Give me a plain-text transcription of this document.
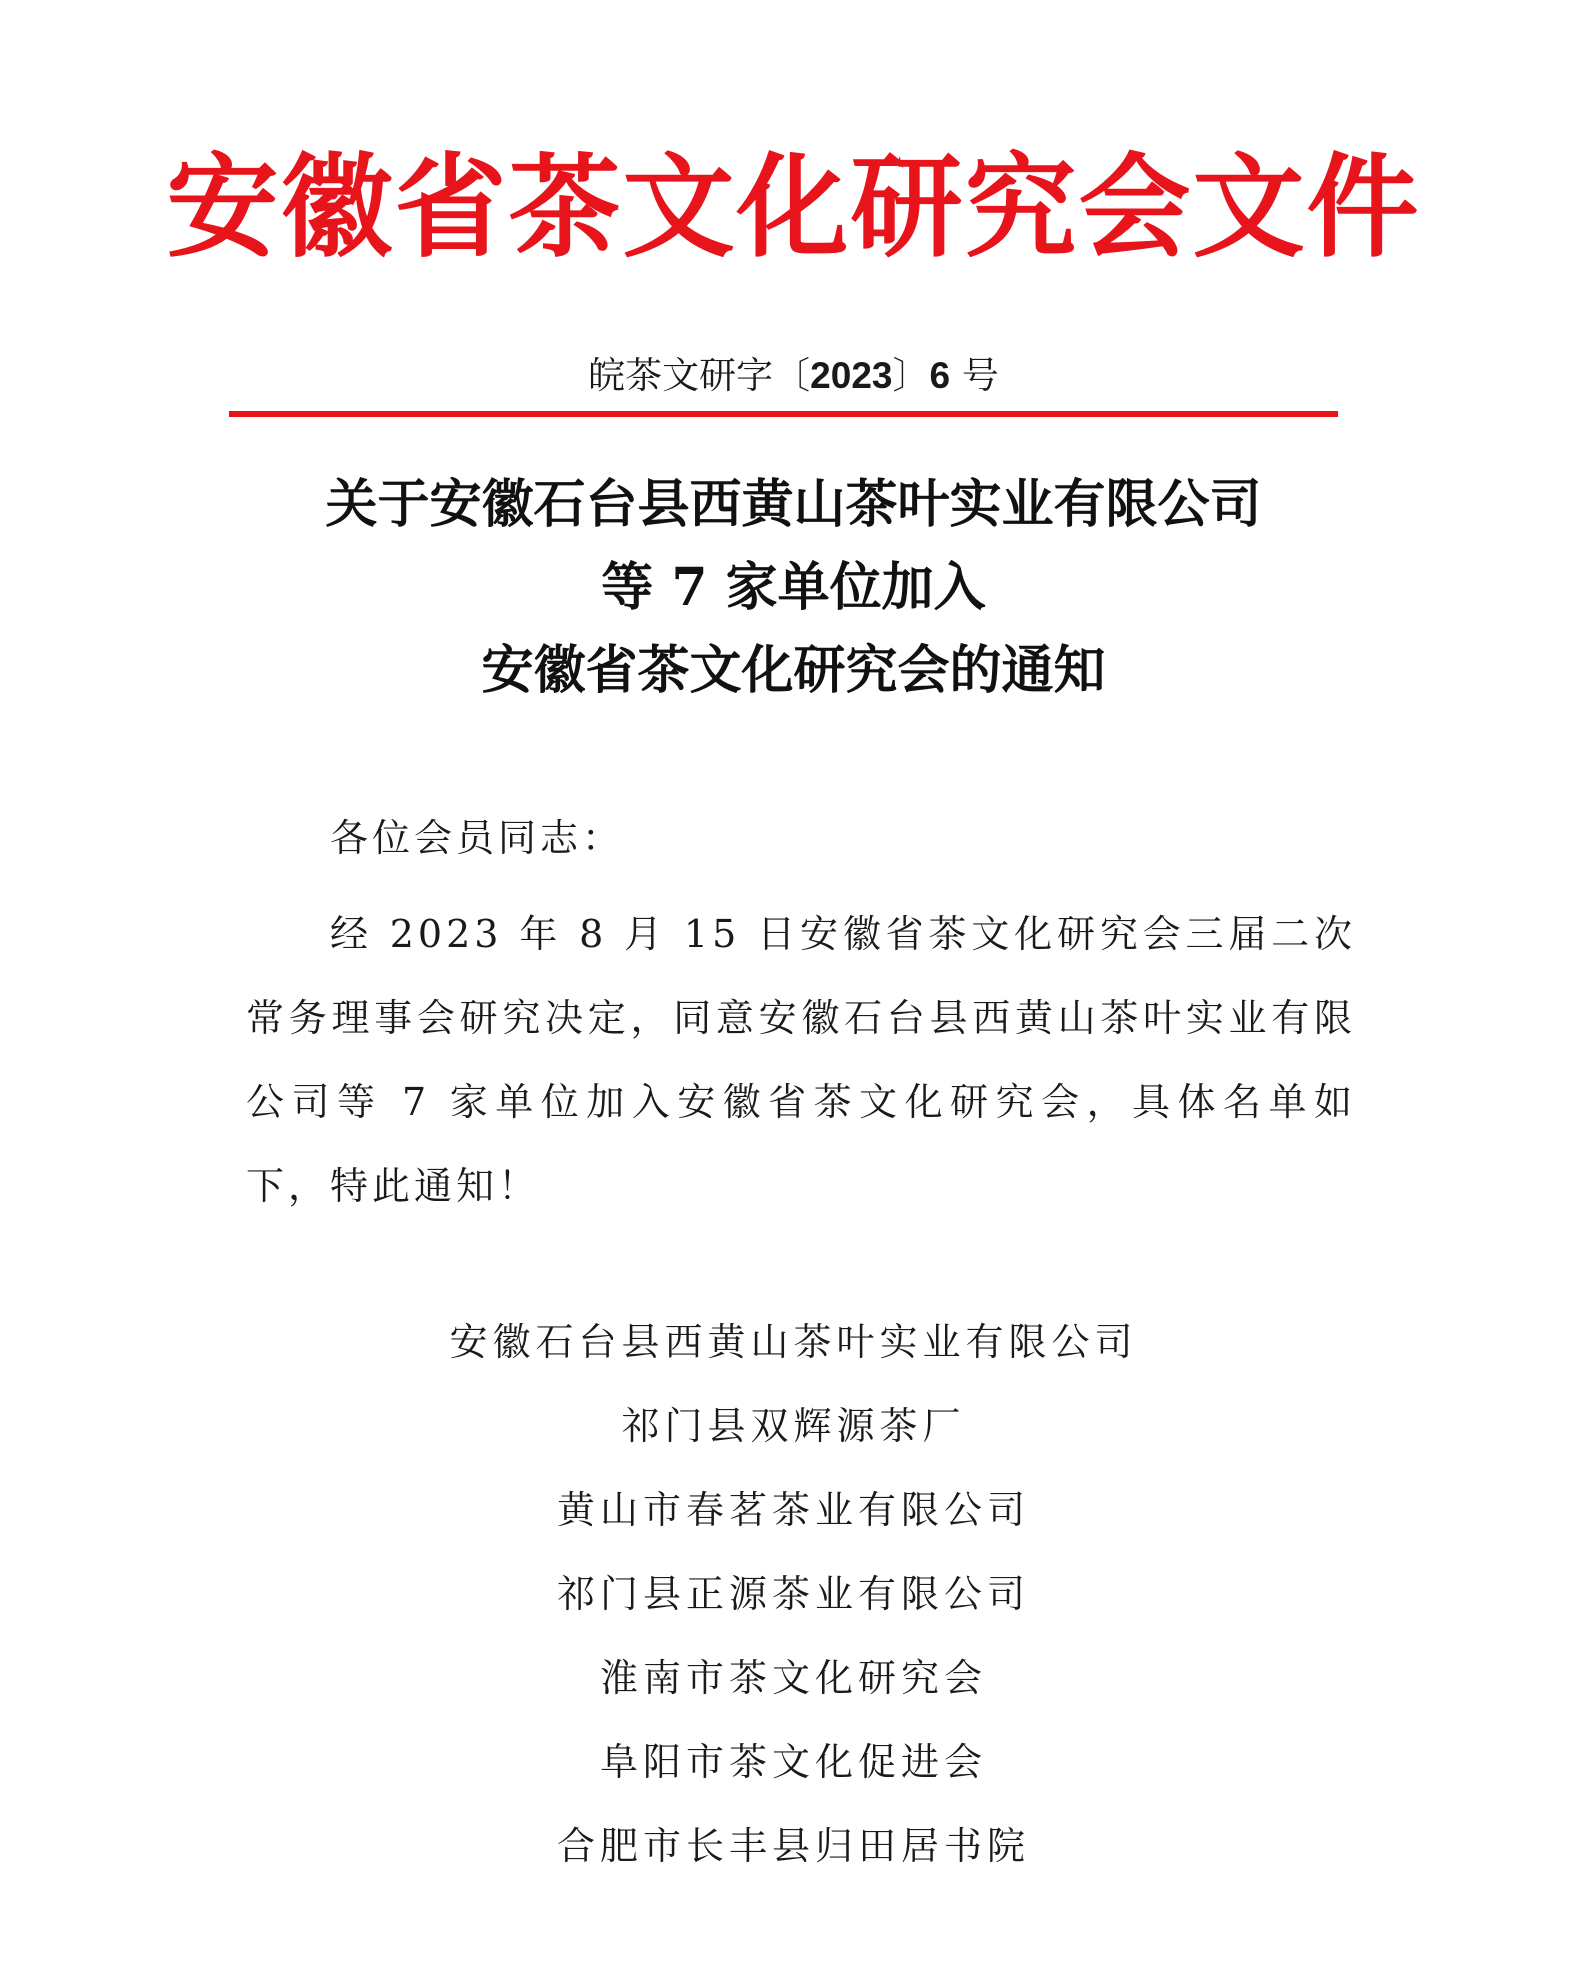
安徽省茶文化研究会文件
皖茶文研字〔2023〕6 号
关于安徽石台县西黄山茶叶实业有限公司
等 7 家单位加入
安徽省茶文化研究会的通知
各位会员同志：
经 2023 年 8 月 15 日安徽省茶文化研究会三届二次常务理事会研究决定，同意安徽石台县西黄山茶叶实业有限公司等 7 家单位加入安徽省茶文化研究会，具体名单如下，特此通知！
安徽石台县西黄山茶叶实业有限公司
祁门县双辉源茶厂
黄山市春茗茶业有限公司
祁门县正源茶业有限公司
淮南市茶文化研究会
阜阳市茶文化促进会
合肥市长丰县归田居书院
